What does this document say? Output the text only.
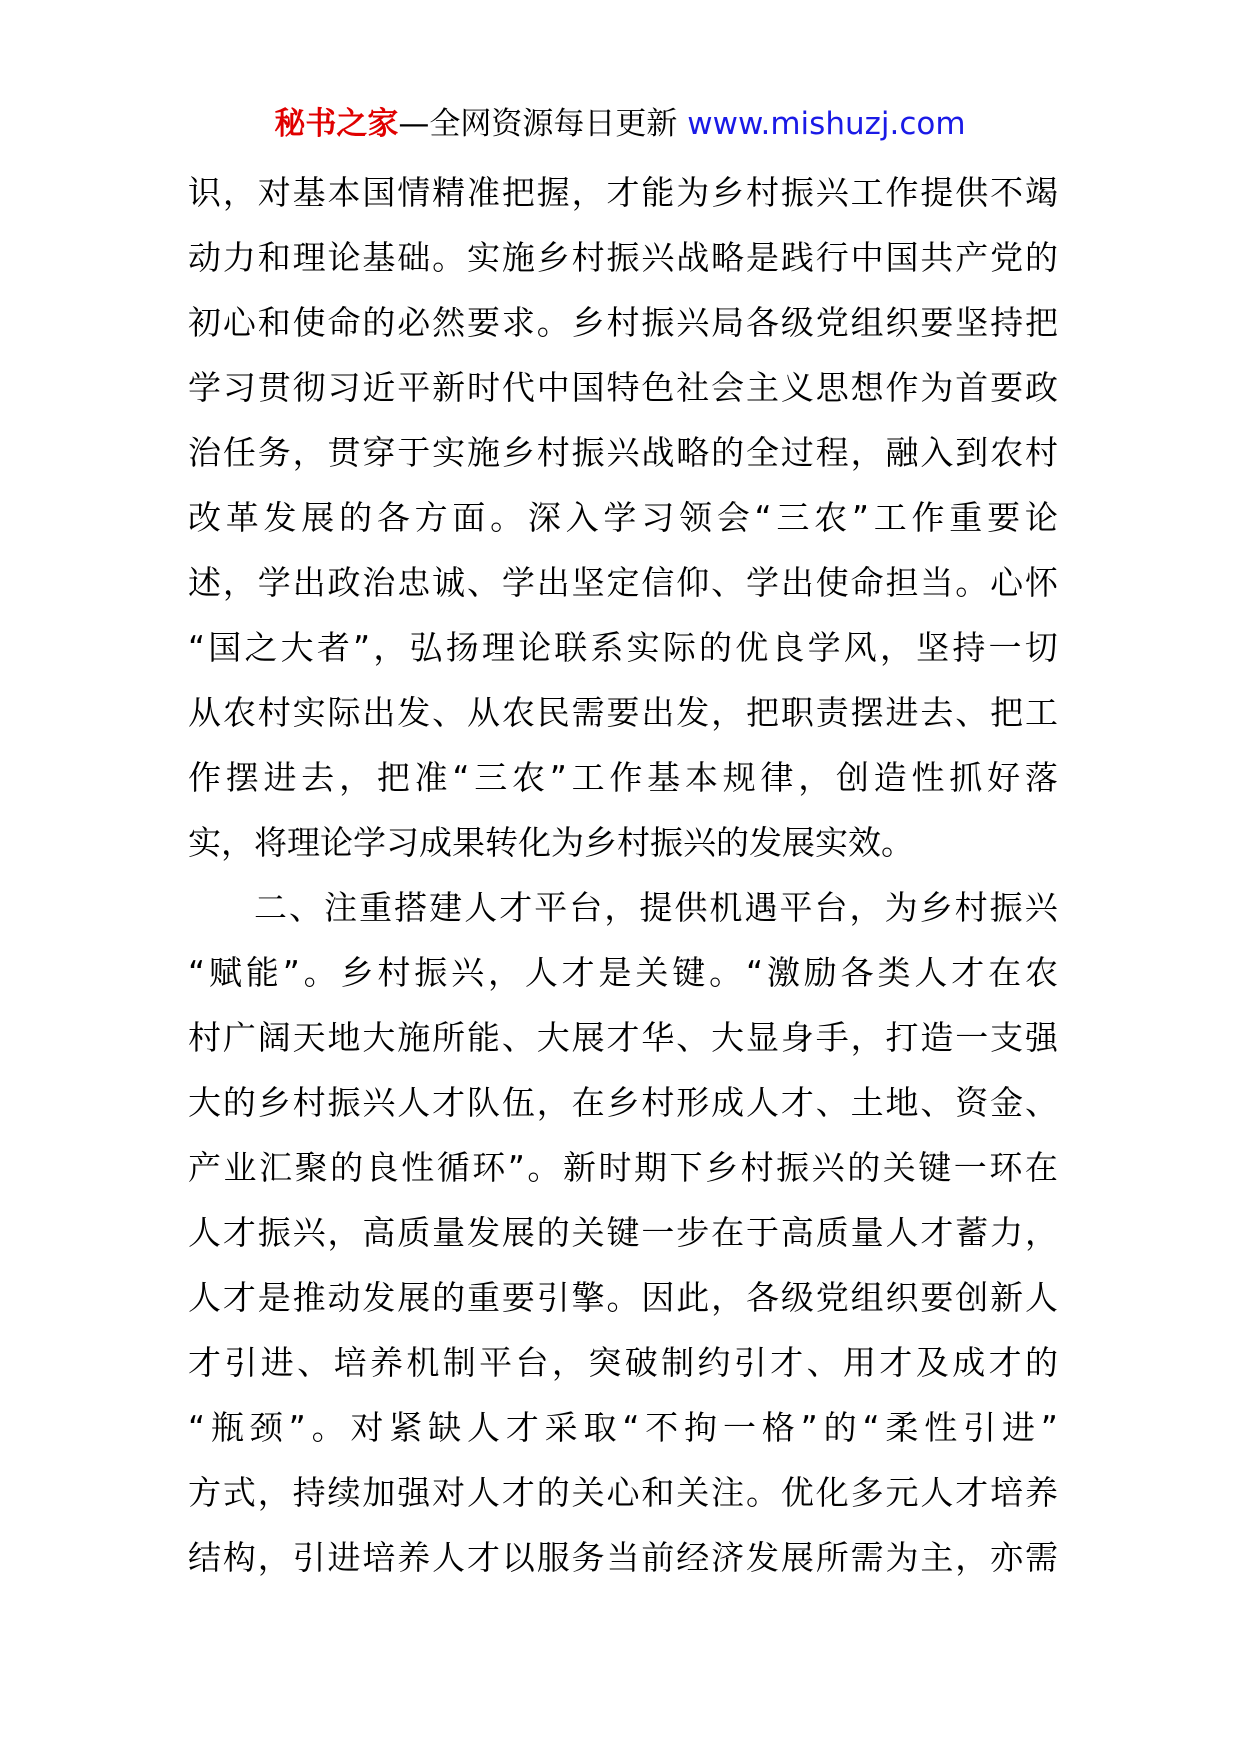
秘书之家—全网资源每日更新 www.mishuzj.com
识 ， 对 基 本 国 情 精 准 把 握 ， 才 能 为 乡 村 振 兴 工 作 提 供 不 竭
动 力 和 理 论 基 础 。 实 施 乡 村 振 兴 战 略 是 践 行 中 国 共 产 党 的
初 心 和 使 命 的 必 然 要 求 。 乡 村 振 兴 局 各 级 党 组 织 要 坚 持 把
学 习 贯 彻 习 近 平 新 时 代 中 国 特 色 社 会 主 义 思 想 作 为 首 要 政
治 任 务 ， 贯 穿 于 实 施 乡 村 振 兴 战 略 的 全 过 程 ， 融 入 到 农 村
改 革 发 展 的 各 方 面 。 深 入 学 习 领 会 “ 三 农 ” 工 作 重 要 论
述 ， 学 出 政 治 忠 诚 、 学 出 坚 定 信 仰 、 学 出 使 命 担 当 。 心 怀
“ 国 之 大 者 ” ， 弘 扬 理 论 联 系 实 际 的 优 良 学 风 ， 坚 持 一 切
从 农 村 实 际 出 发 、 从 农 民 需 要 出 发 ， 把 职 责 摆 进 去 、 把 工
作 摆 进 去 ， 把 准 “ 三 农 ” 工 作 基 本 规 律 ， 创 造 性 抓 好 落
实 ， 将 理 论 学 习 成 果 转 化 为 乡 村 振 兴 的 发 展 实 效 。
二 、 注 重 搭 建 人 才 平 台 ， 提 供 机 遇 平 台 ， 为 乡 村 振 兴
“ 赋 能 ” 。 乡 村 振 兴 ， 人 才 是 关 键 。 “ 激 励 各 类 人 才 在 农
村 广 阔 天 地 大 施 所 能 、 大 展 才 华 、 大 显 身 手 ， 打 造 一 支 强
大 的 乡 村 振 兴 人 才 队 伍 ， 在 乡 村 形 成 人 才 、 土 地 、 资 金 、
产 业 汇 聚 的 良 性 循 环 ” 。 新 时 期 下 乡 村 振 兴 的 关 键 一 环 在
人 才 振 兴 ， 高 质 量 发 展 的 关 键 一 步 在 于 高 质 量 人 才 蓄 力 ，
人 才 是 推 动 发 展 的 重 要 引 擎 。 因 此 ， 各 级 党 组 织 要 创 新 人
才 引 进 、 培 养 机 制 平 台 ， 突 破 制 约 引 才 、 用 才 及 成 才 的
“ 瓶 颈 ” 。 对 紧 缺 人 才 采 取 “ 不 拘 一 格 ” 的 “ 柔 性 引 进 ”
方 式 ， 持 续 加 强 对 人 才 的 关 心 和 关 注 。 优 化 多 元 人 才 培 养
结 构 ， 引 进 培 养 人 才 以 服 务 当 前 经 济 发 展 所 需 为 主 ， 亦 需
